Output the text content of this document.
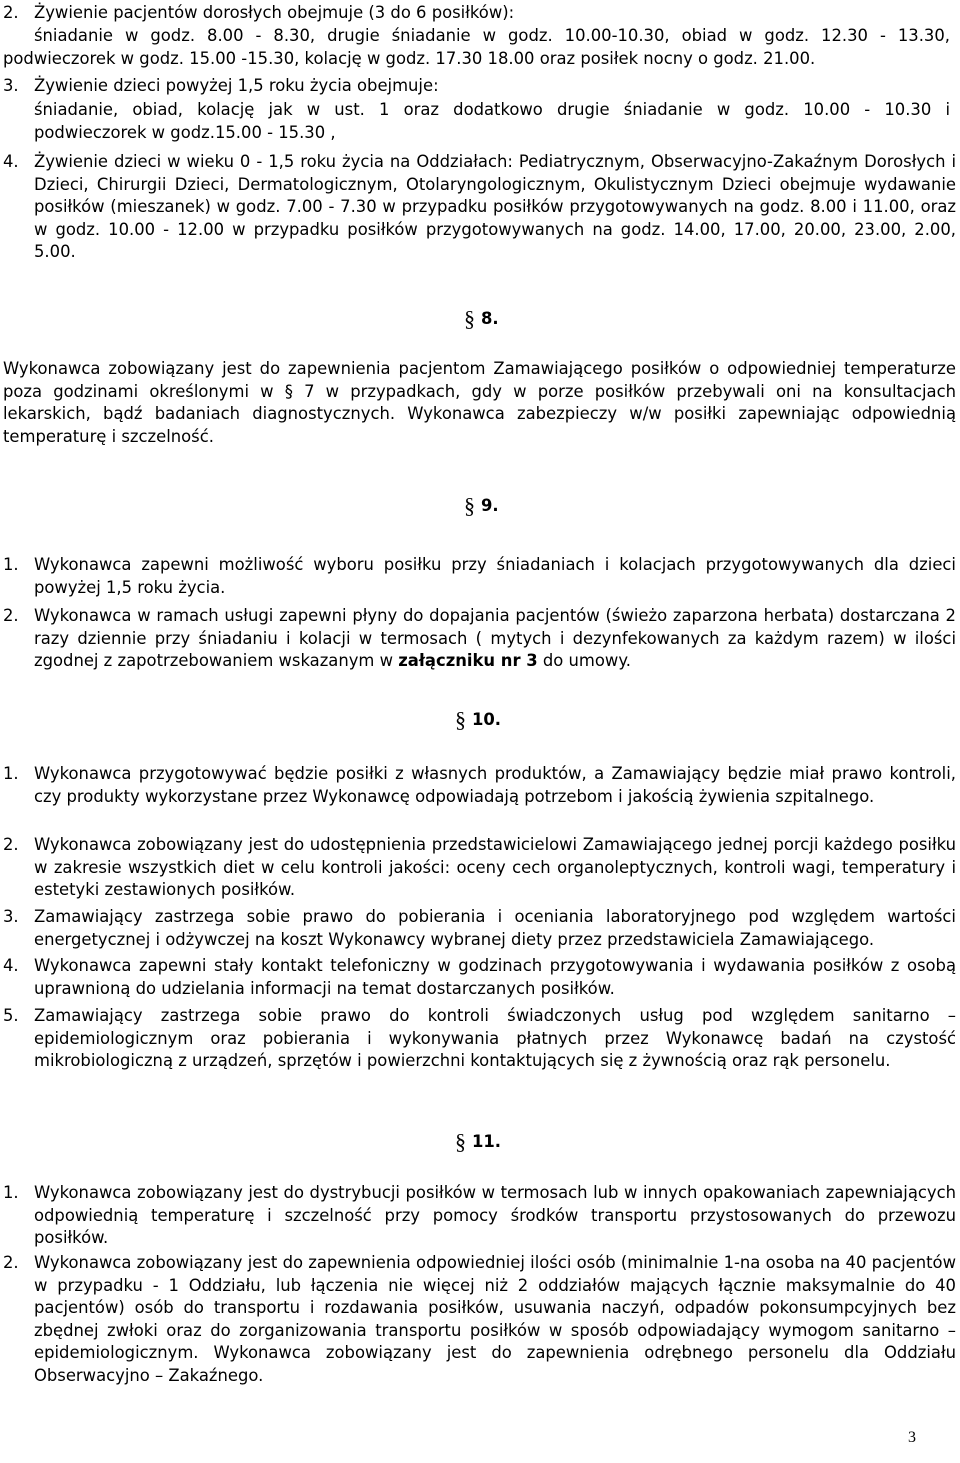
2. Żywienie pacjentów dorosłych obejmuje (3 do 6 posiłków):
śniadanie w godz. 8.00 - 8.30, drugie śniadanie w godz. 10.00-10.30, obiad w godz. 12.30 - 13.30,
podwieczorek w godz. 15.00 -15.30, kolację w godz. 17.30 18.00 oraz posiłek nocny o godz. 21.00.
3. Żywienie dzieci powyżej 1,5 roku życia obejmuje:
śniadanie, obiad, kolację jak w ust. 1 oraz dodatkowo drugie śniadanie w godz. 10.00 - 10.30 i
podwieczorek w godz.15.00 - 15.30 ,
4. Żywienie dzieci w wieku 0 - 1,5 roku życia na Oddziałach: Pediatrycznym, Obserwacyjno-Zakaźnym Dorosłych i Dzieci, Chirurgii Dzieci, Dermatologicznym, Otolaryngologicznym, Okulistycznym Dzieci obejmuje wydawanie posiłków (mieszanek) w godz. 7.00 - 7.30 w przypadku posiłków przygotowywanych na godz. 8.00 i 11.00, oraz w godz. 10.00 - 12.00 w przypadku posiłków przygotowywanych na godz. 14.00, 17.00, 20.00, 23.00, 2.00, 5.00.
§ 8.
Wykonawca zobowiązany jest do zapewnienia pacjentom Zamawiającego posiłków o odpowiedniej temperaturze poza godzinami określonymi w § 7 w przypadkach, gdy w porze posiłków przebywali oni na konsultacjach lekarskich, bądź badaniach diagnostycznych. Wykonawca zabezpieczy w/w posiłki zapewniając odpowiednią temperaturę i szczelność.
§ 9.
1. Wykonawca zapewni możliwość wyboru posiłku przy śniadaniach i kolacjach przygotowywanych dla dzieci powyżej 1,5 roku życia.
2. Wykonawca w ramach usługi zapewni płyny do dopajania pacjentów (świeżo zaparzona herbata) dostarczana 2 razy dziennie przy śniadaniu i kolacji w termosach ( mytych i dezynfekowanych za każdym razem) w ilości zgodnej z zapotrzebowaniem wskazanym w załączniku nr 3 do umowy.
§ 10.
1. Wykonawca przygotowywać będzie posiłki z własnych produktów, a Zamawiający będzie miał prawo kontroli, czy produkty wykorzystane przez Wykonawcę odpowiadają potrzebom i jakością żywienia szpitalnego.
2. Wykonawca zobowiązany jest do udostępnienia przedstawicielowi Zamawiającego jednej porcji każdego posiłku w zakresie wszystkich diet w celu kontroli jakości: oceny cech organoleptycznych, kontroli wagi, temperatury i estetyki zestawionych posiłków.
3. Zamawiający zastrzega sobie prawo do pobierania i oceniania laboratoryjnego pod względem wartości energetycznej i odżywczej na koszt Wykonawcy wybranej diety przez przedstawiciela Zamawiającego.
4. Wykonawca zapewni stały kontakt telefoniczny w godzinach przygotowywania i wydawania posiłków z osobą uprawnioną do udzielania informacji na temat dostarczanych posiłków.
5. Zamawiający zastrzega sobie prawo do kontroli świadczonych usług pod względem sanitarno – epidemiologicznym oraz pobierania i wykonywania płatnych przez Wykonawcę badań na czystość mikrobiologiczną z urządzeń, sprzętów i powierzchni kontaktujących się z żywnością oraz rąk personelu.
§ 11.
1. Wykonawca zobowiązany jest do dystrybucji posiłków w termosach lub w innych opakowaniach zapewniających odpowiednią temperaturę i szczelność przy pomocy środków transportu przystosowanych do przewozu posiłków.
2. Wykonawca zobowiązany jest do zapewnienia odpowiedniej ilości osób (minimalnie 1-na osoba na 40 pacjentów w przypadku - 1 Oddziału, lub łączenia nie więcej niż 2 oddziałów mających łącznie maksymalnie do 40 pacjentów) osób do transportu i rozdawania posiłków, usuwania naczyń, odpadów pokonsumpcyjnych bez zbędnej zwłoki oraz do zorganizowania transportu posiłków w sposób odpowiadający wymogom sanitarno – epidemiologicznym. Wykonawca zobowiązany jest do zapewnienia odrębnego personelu dla Oddziału Obserwacyjno – Zakaźnego.
3
